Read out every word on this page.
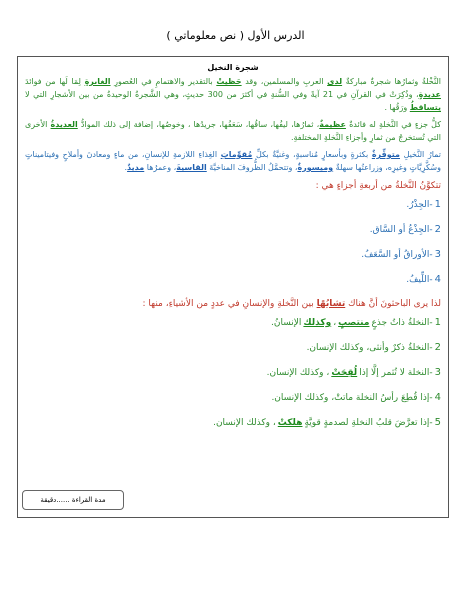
الدرس الأول ( نص معلوماتي )
شجرة النخيل

النَّخْلةُ وثمارُها شجرةٌ مباركةٌ لدى العربِ والمسلمين، وقد حَظيتْ بالتقدير والاهتمامِ في العُصورِ الغابرةِ لِمَا لَها من فوائدَ عديدةٍ، وذُكِرَتْ في القرآنِ في 21 آيةً وفي السُّنةِ في أكثرَ من 300 حديثٍ، وهي الشَّجرةُ الوحيدةُ من بين الأشجارِ التي لا يتساقطُ ورَقُها .

كلُّ جزءٍ في النَّخلةِ له فائدةٌ عظيمةٌ، ثمارُها، ليفُها، ساقُها، سَعَفُها، جريدُها ، وخوصُها، إضافة إلى ذلك الموادُّ العديدةُ الأخرى التي تُستخرجُ من ثمارِ وأجزاءِ النَّخلةِ المختلفةِ.

تمارُ النَّخيلِ متوفِّرةٌ بكثرةٍ وبأسعارٍ مُناسبةٍ، وغنيَّةٌ بكلِّ مُقوِّماتِ الغِذاءِ اللازمةِ للإنسانِ، من ماءٍ ومعادنَ وأملاحٍ وفيتاميناتٍ وسُكَّرِيَّاتٍ وغيرِه، وزراعتُها سهلةٌ وميسورةٌ، وتتحمَّلُ الظُّروفَ المناخيَّةَ القاسيةَ، وعمرُها مديدٌ.

تتكوَّنُ النَّخلةُ من أربعةِ أجزاءٍ هي :
1
-الجِذْرُ.
2
-الجِذْعُ أو السَّاق.
3
-الأوراقُ أو السَّعَفُ.
4
-اللِّيفُ.
لذا يرى الباحثونَ أنَّ هناك تشابُهًا بين النَّخلةِ والإنسانِ في عددٍ من الأشياءِ، منها :
1
-النخلةُ ذاتُ جذعٍ
منتصبٍ
،
وكذلك
الإنسانُ.
2
-النخلةُ ذكرٌ وأنثى، وكذلك الإنسان.
3
-النخلة لا تُثمر إلَّا إذا
لُقِحَتْ
، وكذلك الإنسان.
4
-إذا قُطِعَ رأسُ النخلة ماتتْ، وكذلك الإنسان.
5
-إذا تعرَّضَ قلبُ النخلةِ لصدمةٍ قويَّةٍ
هلكتْ
، وكذلك الإنسان.
مدة القراءة ......دقيقة
